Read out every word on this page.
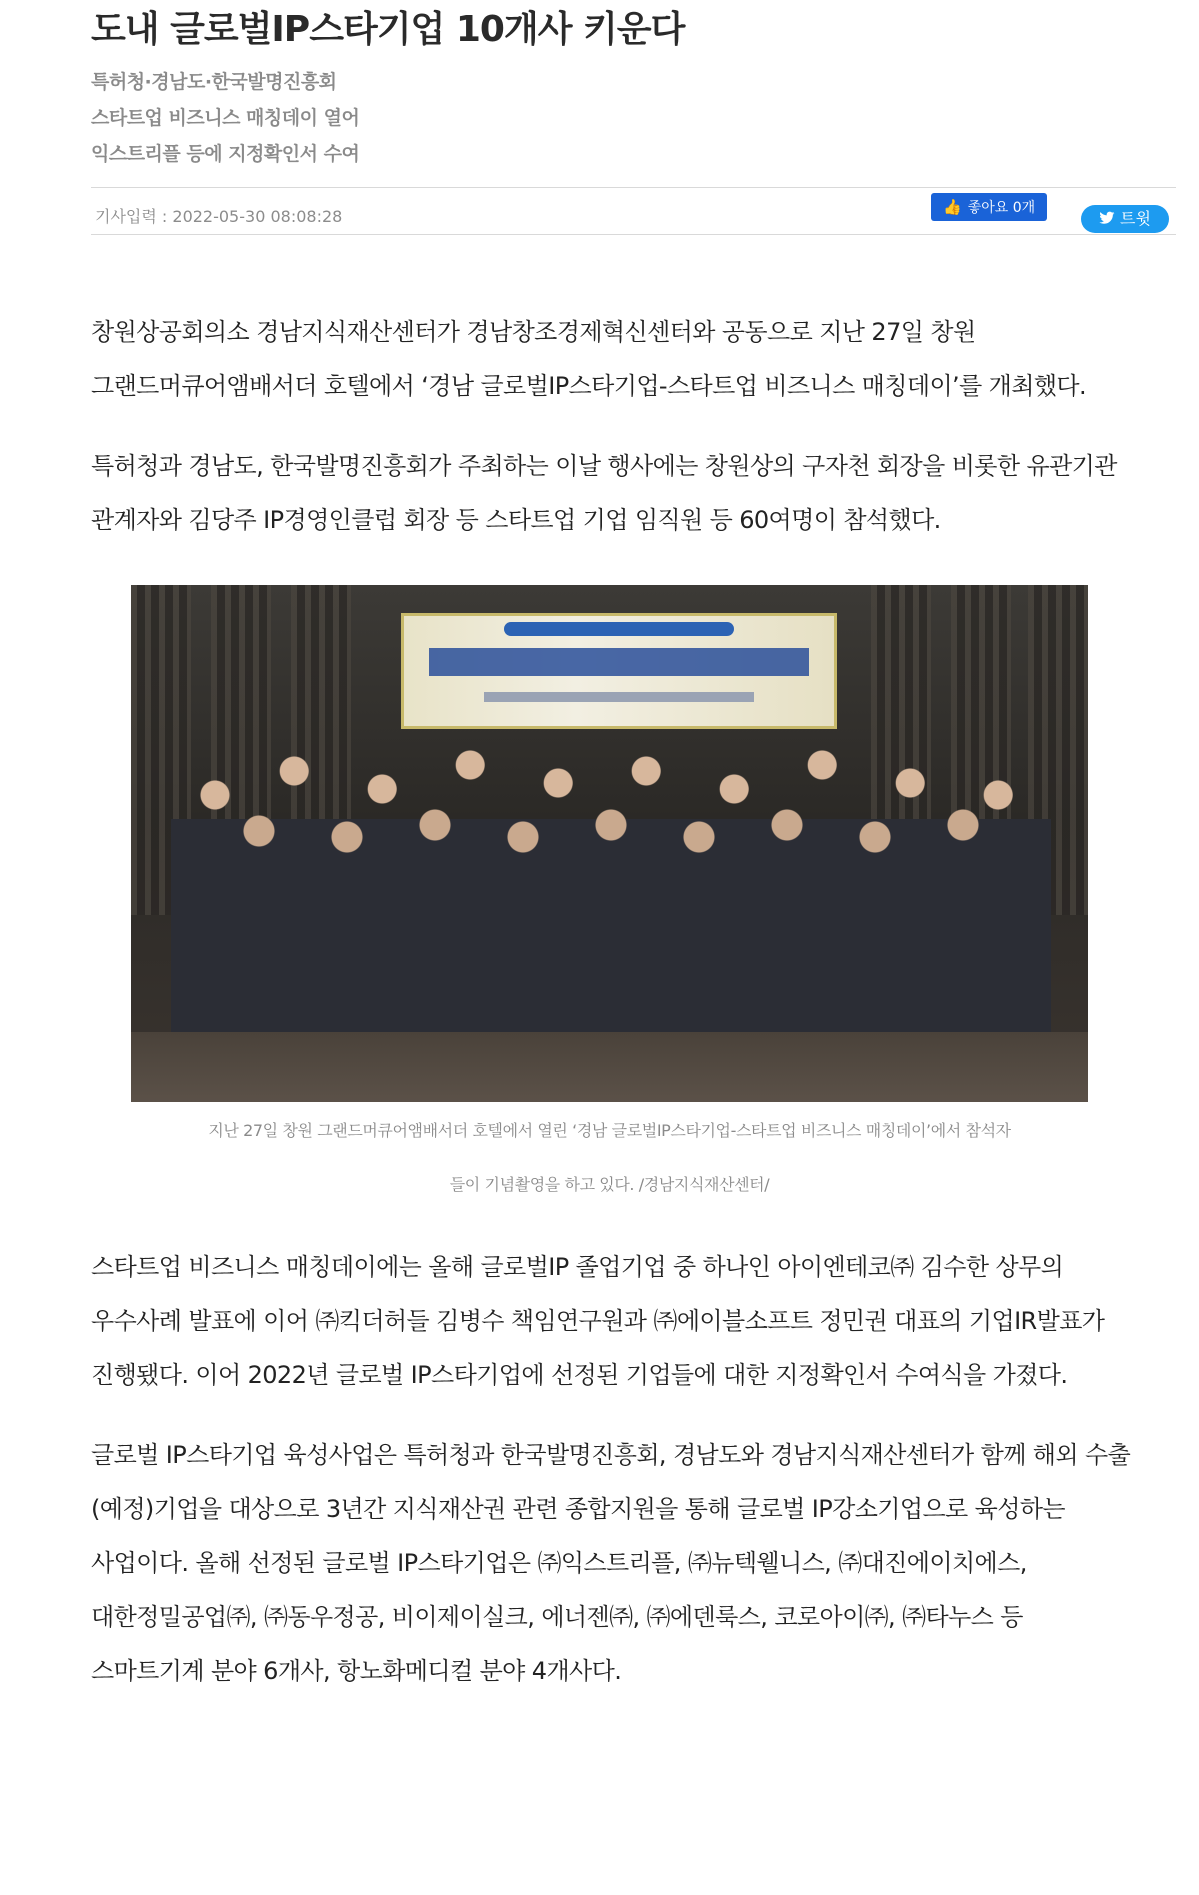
도내 글로벌IP스타기업 10개사 키운다
특허청·경남도·한국발명진흥회
스타트업 비즈니스 매칭데이 열어
익스트리플 등에 지정확인서 수여
기사입력 : 2022-05-30 08:08:28	👍 좋아요 0개
트윗

창원상공회의소 경남지식재산센터가 경남창조경제혁신센터와 공동으로 지난 27일 창원 그랜드머큐어앰배서더 호텔에서 ‘경남 글로벌IP스타기업-스타트업 비즈니스 매칭데이’를 개최했다.

특허청과 경남도, 한국발명진흥회가 주최하는 이날 행사에는 창원상의 구자천 회장을 비롯한 유관기관 관계자와 김당주 IP경영인클럽 회장 등 스타트업 기업 임직원 등 60여명이 참석했다.

지난 27일 창원 그랜드머큐어앰배서더 호텔에서 열린 ‘경남 글로벌IP스타기업-스타트업 비즈니스 매칭데이’에서 참석자
들이 기념촬영을 하고 있다. /경남지식재산센터/

스타트업 비즈니스 매칭데이에는 올해 글로벌IP 졸업기업 중 하나인 아이엔테코㈜ 김수한 상무의 우수사례 발표에 이어 ㈜킥더허들 김병수 책임연구원과 ㈜에이블소프트 정민권 대표의 기업IR발표가 진행됐다. 이어 2022년 글로벌 IP스타기업에 선정된 기업들에 대한 지정확인서 수여식을 가졌다.

글로벌 IP스타기업 육성사업은 특허청과 한국발명진흥회, 경남도와 경남지식재산센터가 함께 해외 수출(예정)기업을 대상으로 3년간 지식재산권 관련 종합지원을 통해 글로벌 IP강소기업으로 육성하는 사업이다. 올해 선정된 글로벌 IP스타기업은 ㈜익스트리플, ㈜뉴텍웰니스, ㈜대진에이치에스, 대한정밀공업㈜, ㈜동우정공, 비이제이실크, 에너젠㈜, ㈜에덴룩스, 코로아이㈜, ㈜타누스 등 스마트기계 분야 6개사, 항노화메디컬 분야 4개사다.
